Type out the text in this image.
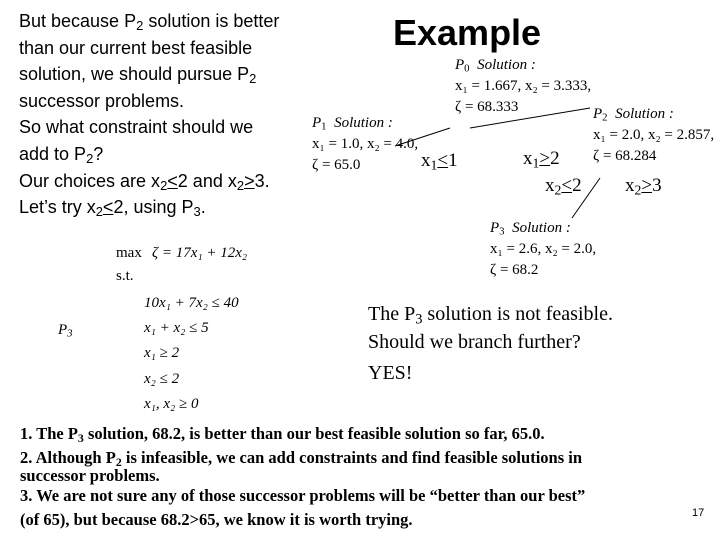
But because $P_2$ solution is better
than our current best feasible
solution, we should pursue $P_2$
successor problems.
So what constraint should we
add to $P_2$?
Our choices are $x_2<2$ and $x_2>3$.
Let’s try $x_2<2$, using $P_3$.
Example
$P_0$ Solution :
x₁ = 1.667, x₂ = 3.333,
ζ = 68.333
$P_1$ Solution :
x₁ = 1.0, x₂ = 4.0,
ζ = 65.0
$P_2$ Solution :
x₁ = 2.0, x₂ = 2.857,
ζ = 68.284
$P_3$ Solution :
x₁ = 2.6, x₂ = 2.0,
ζ = 68.2
$x_1<1$	$x_1>2$
$x_2<2$ $x_2>3$
max ζ = 17x₁ + 12x₂
s.t.
$P_3$
10x₁ + 7x₂ ≤ 40
x₁ + x₂ ≤ 5
x₁ ≥ 2
x₂ ≤ 2
x₁, x₂ ≥ 0
The $P_3$ solution is not feasible.
Should we branch further?
YES!
1. The $P_3$ solution, 68.2, is better than our best feasible solution so far, 65.0.
2. Although $P_2$ is infeasible, we can add constraints and find feasible solutions in
successor problems.
3. We are not sure any of those successor problems will be “better than our best”
(of 65), but because 68.2>65, we know it is worth trying.	17
